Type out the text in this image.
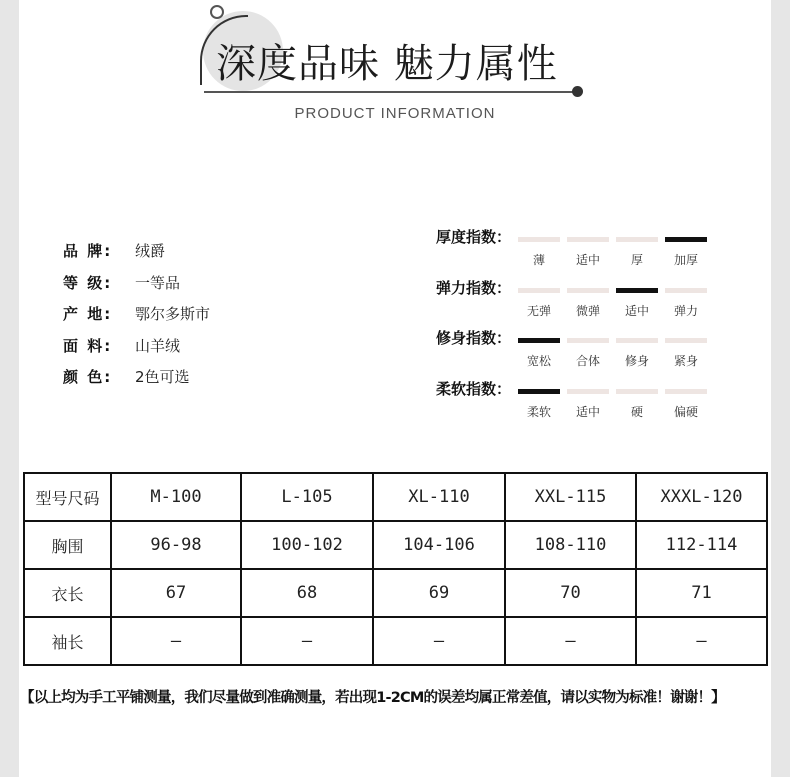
深度品味 魅力属性
PRODUCT INFORMATION
品 牌:	绒爵
等 级:	一等品
产 地:	鄂尔多斯市
面 料:	山羊绒
颜 色:	2色可选
厚度指数：
薄	适中	厚	加厚
弹力指数：
无弹	微弹	适中	弹力
修身指数：
宽松	合体	修身	紧身
柔软指数：
柔软	适中	硬	偏硬
型号尺码	M-100	L-105	XL-110	XXL-115	XXXL-120
胸围	96-98	100-102	104-106	108-110	112-114
衣长	67	68	69	70	71
袖长	—	—	—	—	—
【以上均为手工平铺测量，我们尽量做到准确测量，若出现1-2CM的误差均属正常差值，请以实物为标准！谢谢！】
